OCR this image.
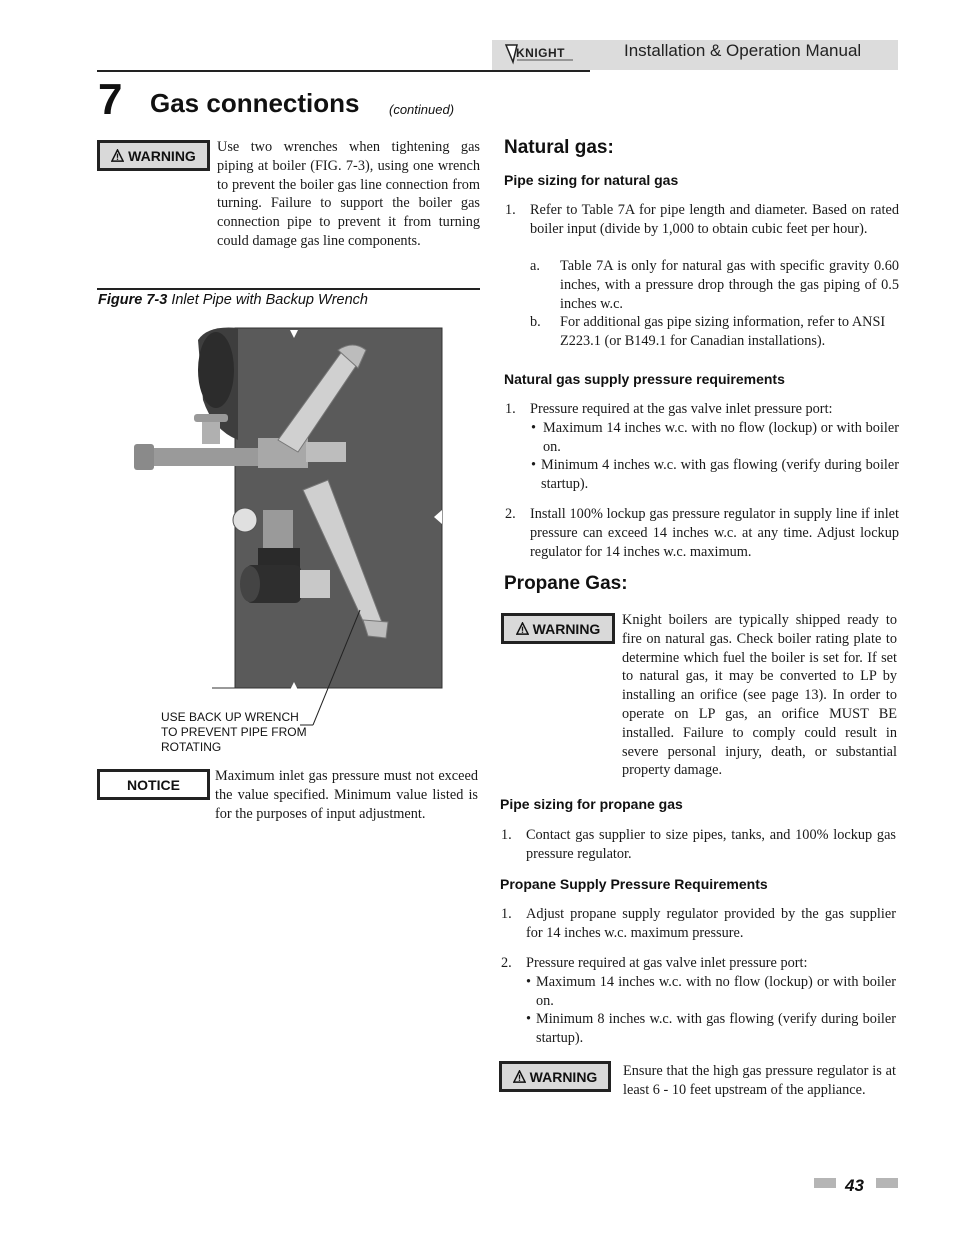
KNIGHT	Installation & Operation Manual
7 Gas connections (continued)
WARNING
Use two wrenches when tightening gas piping at boiler (FIG. 7-3), using one wrench to prevent the boiler gas line connection from turning. Failure to support the boiler gas connection pipe to prevent it from turning could damage gas line components.
Figure 7-3 Inlet Pipe with Backup Wrench
USE BACK UP WRENCH
TO PREVENT PIPE FROM
ROTATING
NOTICE
Maximum inlet gas pressure must not exceed the value specified. Minimum value listed is for the purposes of input adjustment.
Natural gas:
Pipe sizing for natural gas
1. Refer to Table 7A for pipe length and diameter. Based on rated boiler input (divide by 1,000 to obtain cubic feet per hour).
a. Table 7A is only for natural gas with specific gravity 0.60 inches, with a pressure drop through the gas piping of 0.5 inches w.c.
b. For additional gas pipe sizing information, refer to ANSI Z223.1 (or B149.1 for Canadian installations).
Natural gas supply pressure requirements
1. Pressure required at the gas valve inlet pressure port:
• Maximum 14 inches w.c. with no flow (lockup) or with boiler on.
• Minimum 4 inches w.c. with gas flowing (verify during boiler startup).
2. Install 100% lockup gas pressure regulator in supply line if inlet pressure can exceed 14 inches w.c. at any time. Adjust lockup regulator for 14 inches w.c. maximum.
Propane Gas:
WARNING
Knight boilers are typically shipped ready to fire on natural gas. Check boiler rating plate to determine which fuel the boiler is set for. If set to natural gas, it may be converted to LP by installing an orifice (see page 13). In order to operate on LP gas, an orifice MUST BE installed. Failure to comply could result in severe personal injury, death, or substantial property damage.
Pipe sizing for propane gas
1. Contact gas supplier to size pipes, tanks, and 100% lockup gas pressure regulator.
Propane Supply Pressure Requirements
1. Adjust propane supply regulator provided by the gas supplier for 14 inches w.c. maximum pressure.
2. Pressure required at gas valve inlet pressure port:
• Maximum 14 inches w.c. with no flow (lockup) or with boiler on.
• Minimum 8 inches w.c. with gas flowing (verify during boiler startup).
WARNING Ensure that the high gas pressure regulator is at least 6 - 10 feet upstream of the appliance.
43
